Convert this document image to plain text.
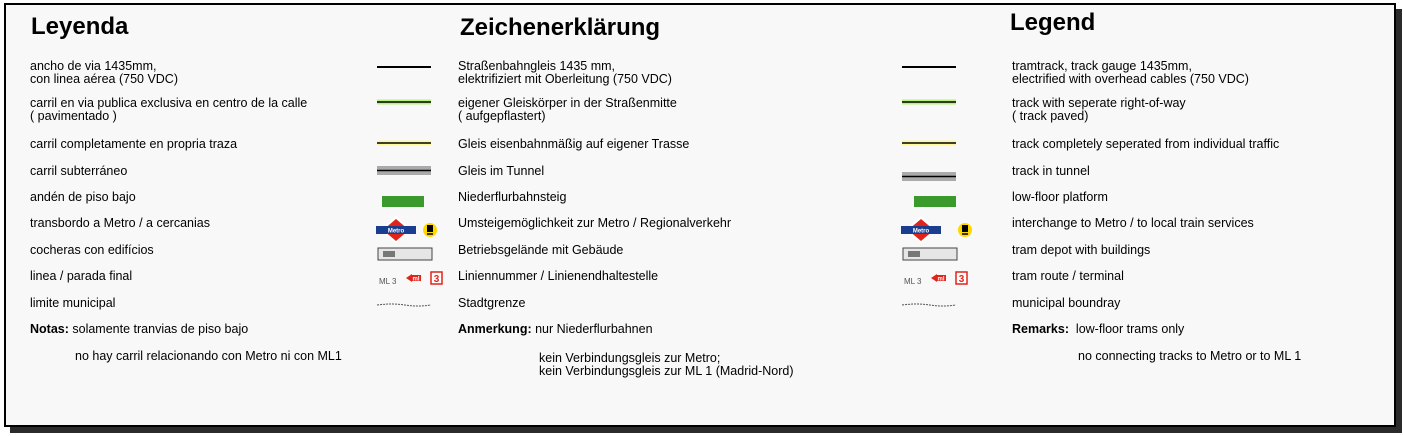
Leyenda
ancho de via 1435mm,
con linea aérea (750 VDC)
carril en via publica exclusiva en centro de la calle
( pavimentado )
carril completamente en propria traza
carril subterráneo
andén de piso bajo
transbordo a Metro / a cercanias
cocheras con edifícios
linea / parada final
limite municipal
Notas: solamente tranvias de piso bajo
no hay carril relacionando con Metro ni con ML1
Metro
ML 3	ml 3
Zeichenerklärung
Straßenbahngleis 1435 mm,
elektrifiziert mit Oberleitung (750 VDC)
eigener Gleiskörper in der Straßenmitte
( aufgepflastert)
Gleis eisenbahnmäßig auf eigener Trasse
Gleis im Tunnel
Niederflurbahnsteig
Umsteigemöglichkeit zur Metro / Regionalverkehr
Betriebsgelände mit Gebäude
Liniennummer / Linienendhaltestelle
Stadtgrenze
Anmerkung: nur Niederflurbahnen
kein Verbindungsgleis zur Metro;
kein Verbindungsgleis zur ML 1 (Madrid-Nord)
Metro
ML 3	ml 3
Legend
tramtrack, track gauge 1435mm,
electrified with overhead cables (750 VDC)
track with seperate right-of-way
( track paved)
track completely seperated from individual traffic
track in tunnel
low-floor platform
interchange to Metro / to local train services
tram depot with buildings
tram route / terminal
municipal boundray
Remarks:  low-floor trams only
no connecting tracks to Metro or to ML 1
